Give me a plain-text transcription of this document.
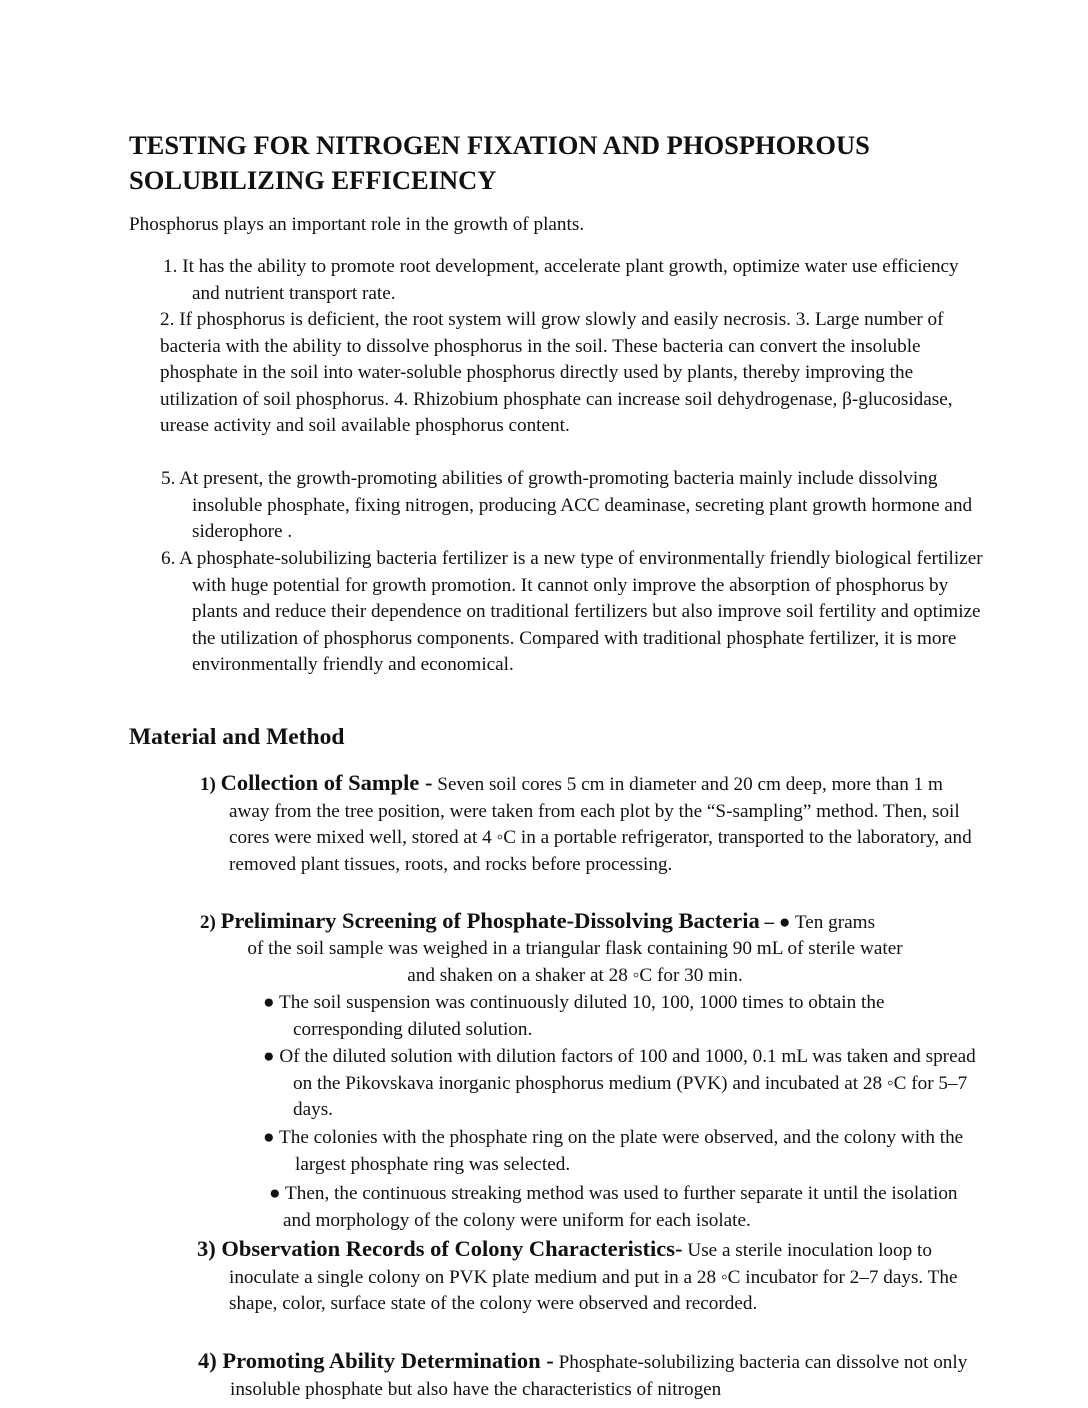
TESTING FOR NITROGEN FIXATION AND PHOSPHOROUS SOLUBILIZING EFFICEINCY

Phosphorus plays an important role in the growth of plants.

1. It has the ability to promote root development, accelerate plant growth, optimize water use efficiency and nutrient transport rate.

2. If phosphorus is deficient, the root system will grow slowly and easily necrosis. 3. Large number of bacteria with the ability to dissolve phosphorus in the soil. These bacteria can convert the insoluble phosphate in the soil into water-soluble phosphorus directly used by plants, thereby improving the utilization of soil phosphorus. 4. Rhizobium phosphate can increase soil dehydrogenase, β-glucosidase, urease activity and soil available phosphorus content.

5. At present, the growth-promoting abilities of growth-promoting bacteria mainly include dissolving insoluble phosphate, fixing nitrogen, producing ACC deaminase, secreting plant growth hormone and siderophore .

6. A phosphate-solubilizing bacteria fertilizer is a new type of environmentally friendly biological fertilizer with huge potential for growth promotion. It cannot only improve the absorption of phosphorus by plants and reduce their dependence on traditional fertilizers but also improve soil fertility and optimize the utilization of phosphorus components. Compared with traditional phosphate fertilizer, it is more environmentally friendly and economical.

Material and Method

1) Collection of Sample - Seven soil cores 5 cm in diameter and 20 cm deep, more than 1 m away from the tree position, were taken from each plot by the “S-sampling” method. Then, soil cores were mixed well, stored at 4 ◦C in a portable refrigerator, transported to the laboratory, and removed plant tissues, roots, and rocks before processing.

2) Preliminary Screening of Phosphate-Dissolving Bacteria – ● Ten grams

of the soil sample was weighed in a triangular flask containing 90 mL of sterile water

and shaken on a shaker at 28 ◦C for 30 min.

● The soil suspension was continuously diluted 10, 100, 1000 times to obtain the corresponding diluted solution.

● Of the diluted solution with dilution factors of 100 and 1000, 0.1 mL was taken and spread on the Pikovskava inorganic phosphorus medium (PVK) and incubated at 28 ◦C for 5–7 days.

● The colonies with the phosphate ring on the plate were observed, and the colony with the largest phosphate ring was selected.

● Then, the continuous streaking method was used to further separate it until the isolation and morphology of the colony were uniform for each isolate.

3) Observation Records of Colony Characteristics- Use a sterile inoculation loop to inoculate a single colony on PVK plate medium and put in a 28 ◦C incubator for 2–7 days. The shape, color, surface state of the colony were observed and recorded.

4) Promoting Ability Determination - Phosphate-solubilizing bacteria can dissolve not only insoluble phosphate but also have the characteristics of nitrogen
